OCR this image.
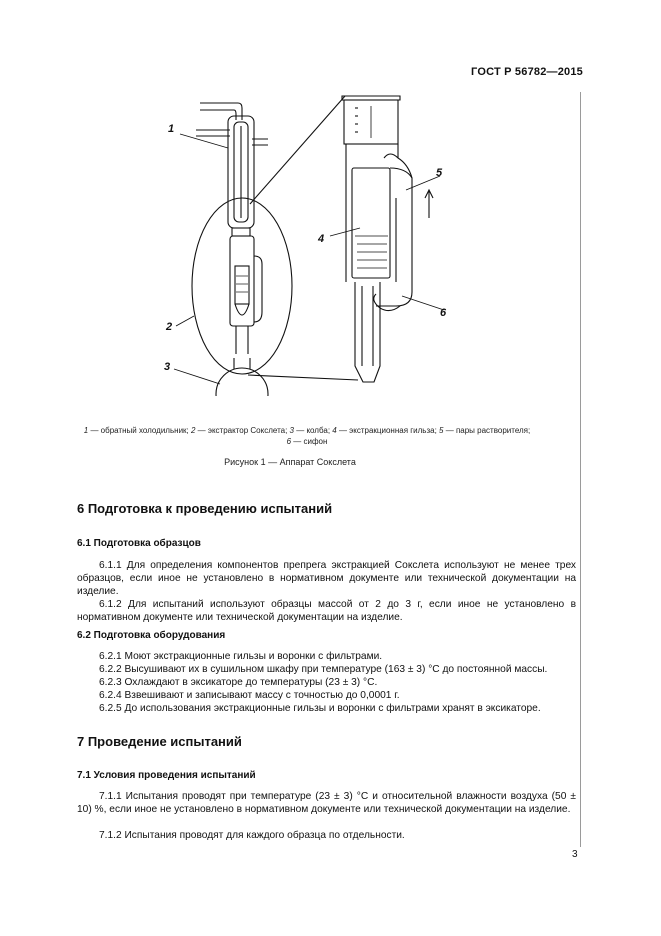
ГОСТ Р 56782—2015
1
2
3
4
5
6
1 — обратный холодильник; 2 — экстрактор Сокслета; 3 — колба; 4 — экстракционная гильза; 5 — пары растворителя;
6 — сифон
Рисунок 1 — Аппарат Сокслета
6 Подготовка к проведению испытаний
6.1 Подготовка образцов
6.1.1 Для определения компонентов препрега экстракцией Сокслета используют не менее трех образцов, если иное не установлено в нормативном документе или технической документации на изделие.
6.1.2 Для испытаний используют образцы массой от 2 до 3 г, если иное не установлено в нормативном документе или технической документации на изделие.
6.2 Подготовка оборудования
6.2.1 Моют экстракционные гильзы и воронки с фильтрами.
6.2.2 Высушивают их в сушильном шкафу при температуре (163 ± 3) °С до постоянной массы.
6.2.3 Охлаждают в эксикаторе до температуры (23 ± 3) °С.
6.2.4 Взвешивают и записывают массу с точностью до 0,0001 г.
6.2.5 До использования экстракционные гильзы и воронки с фильтрами хранят в эксикаторе.
7 Проведение испытаний
7.1 Условия проведения испытаний
7.1.1 Испытания проводят при температуре (23 ± 3) °С и относительной влажности воздуха (50 ± 10) %, если иное не установлено в нормативном документе или технической документации на изделие.
7.1.2 Испытания проводят для каждого образца по отдельности.
3
